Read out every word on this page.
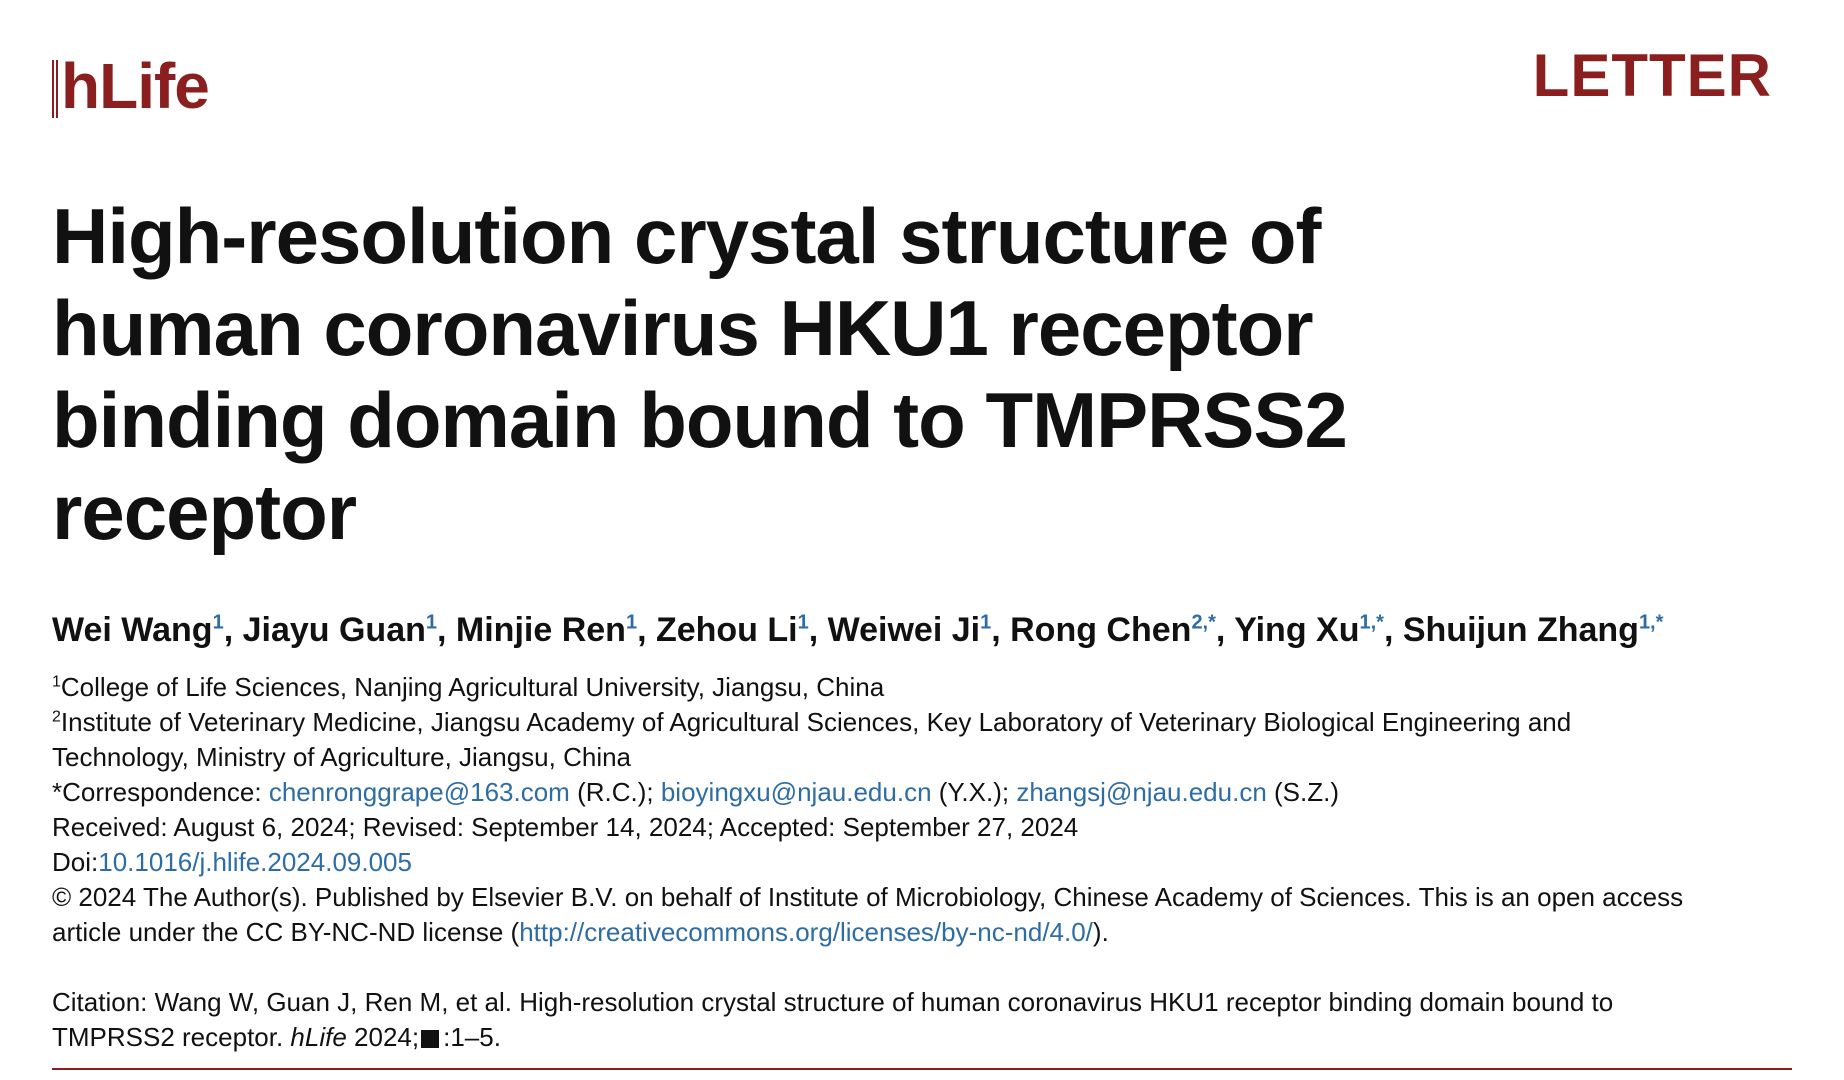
hLife	LETTER
High-resolution crystal structure of
human coronavirus HKU1 receptor
binding domain bound to TMPRSS2
receptor
Wei Wang$^1$, Jiayu Guan$^1$, Minjie Ren$^1$, Zehou Li$^1$, Weiwei Ji$^1$, Rong Chen$^{2,*}$, Ying $Xu^{1,*}$, Shuijun Zhang$^{1,*}$
$^1$College of Life Sciences, Nanjing Agricultural University, Jiangsu, China
$^2$Institute of Veterinary Medicine, Jiangsu Academy of Agricultural Sciences, Key Laboratory of Veterinary Biological Engineering and
Technology, Ministry of Agriculture, Jiangsu, China
*Correspondence: chenronggrape@163.com (R.C.); bioyingxu@njau.edu.cn (Y.X.); zhangsj@njau.edu.cn (S.Z.)
Received: August 6, 2024; Revised: September 14, 2024; Accepted: September 27, 2024
Doi:10.1016/j.hlife.2024.09.005
© 2024 The Author(s). Published by Elsevier B.V. on behalf of Institute of Microbiology, Chinese Academy of Sciences. This is an open access
article under the CC BY-NC-ND license (http://creativecommons.org/licenses/by-nc-nd/4.0/).
Citation: Wang W, Guan J, Ren M, et al. High-resolution crystal structure of human coronavirus HKU1 receptor binding domain bound to
TMPRSS2 receptor. hLife 2024; :1–5.
